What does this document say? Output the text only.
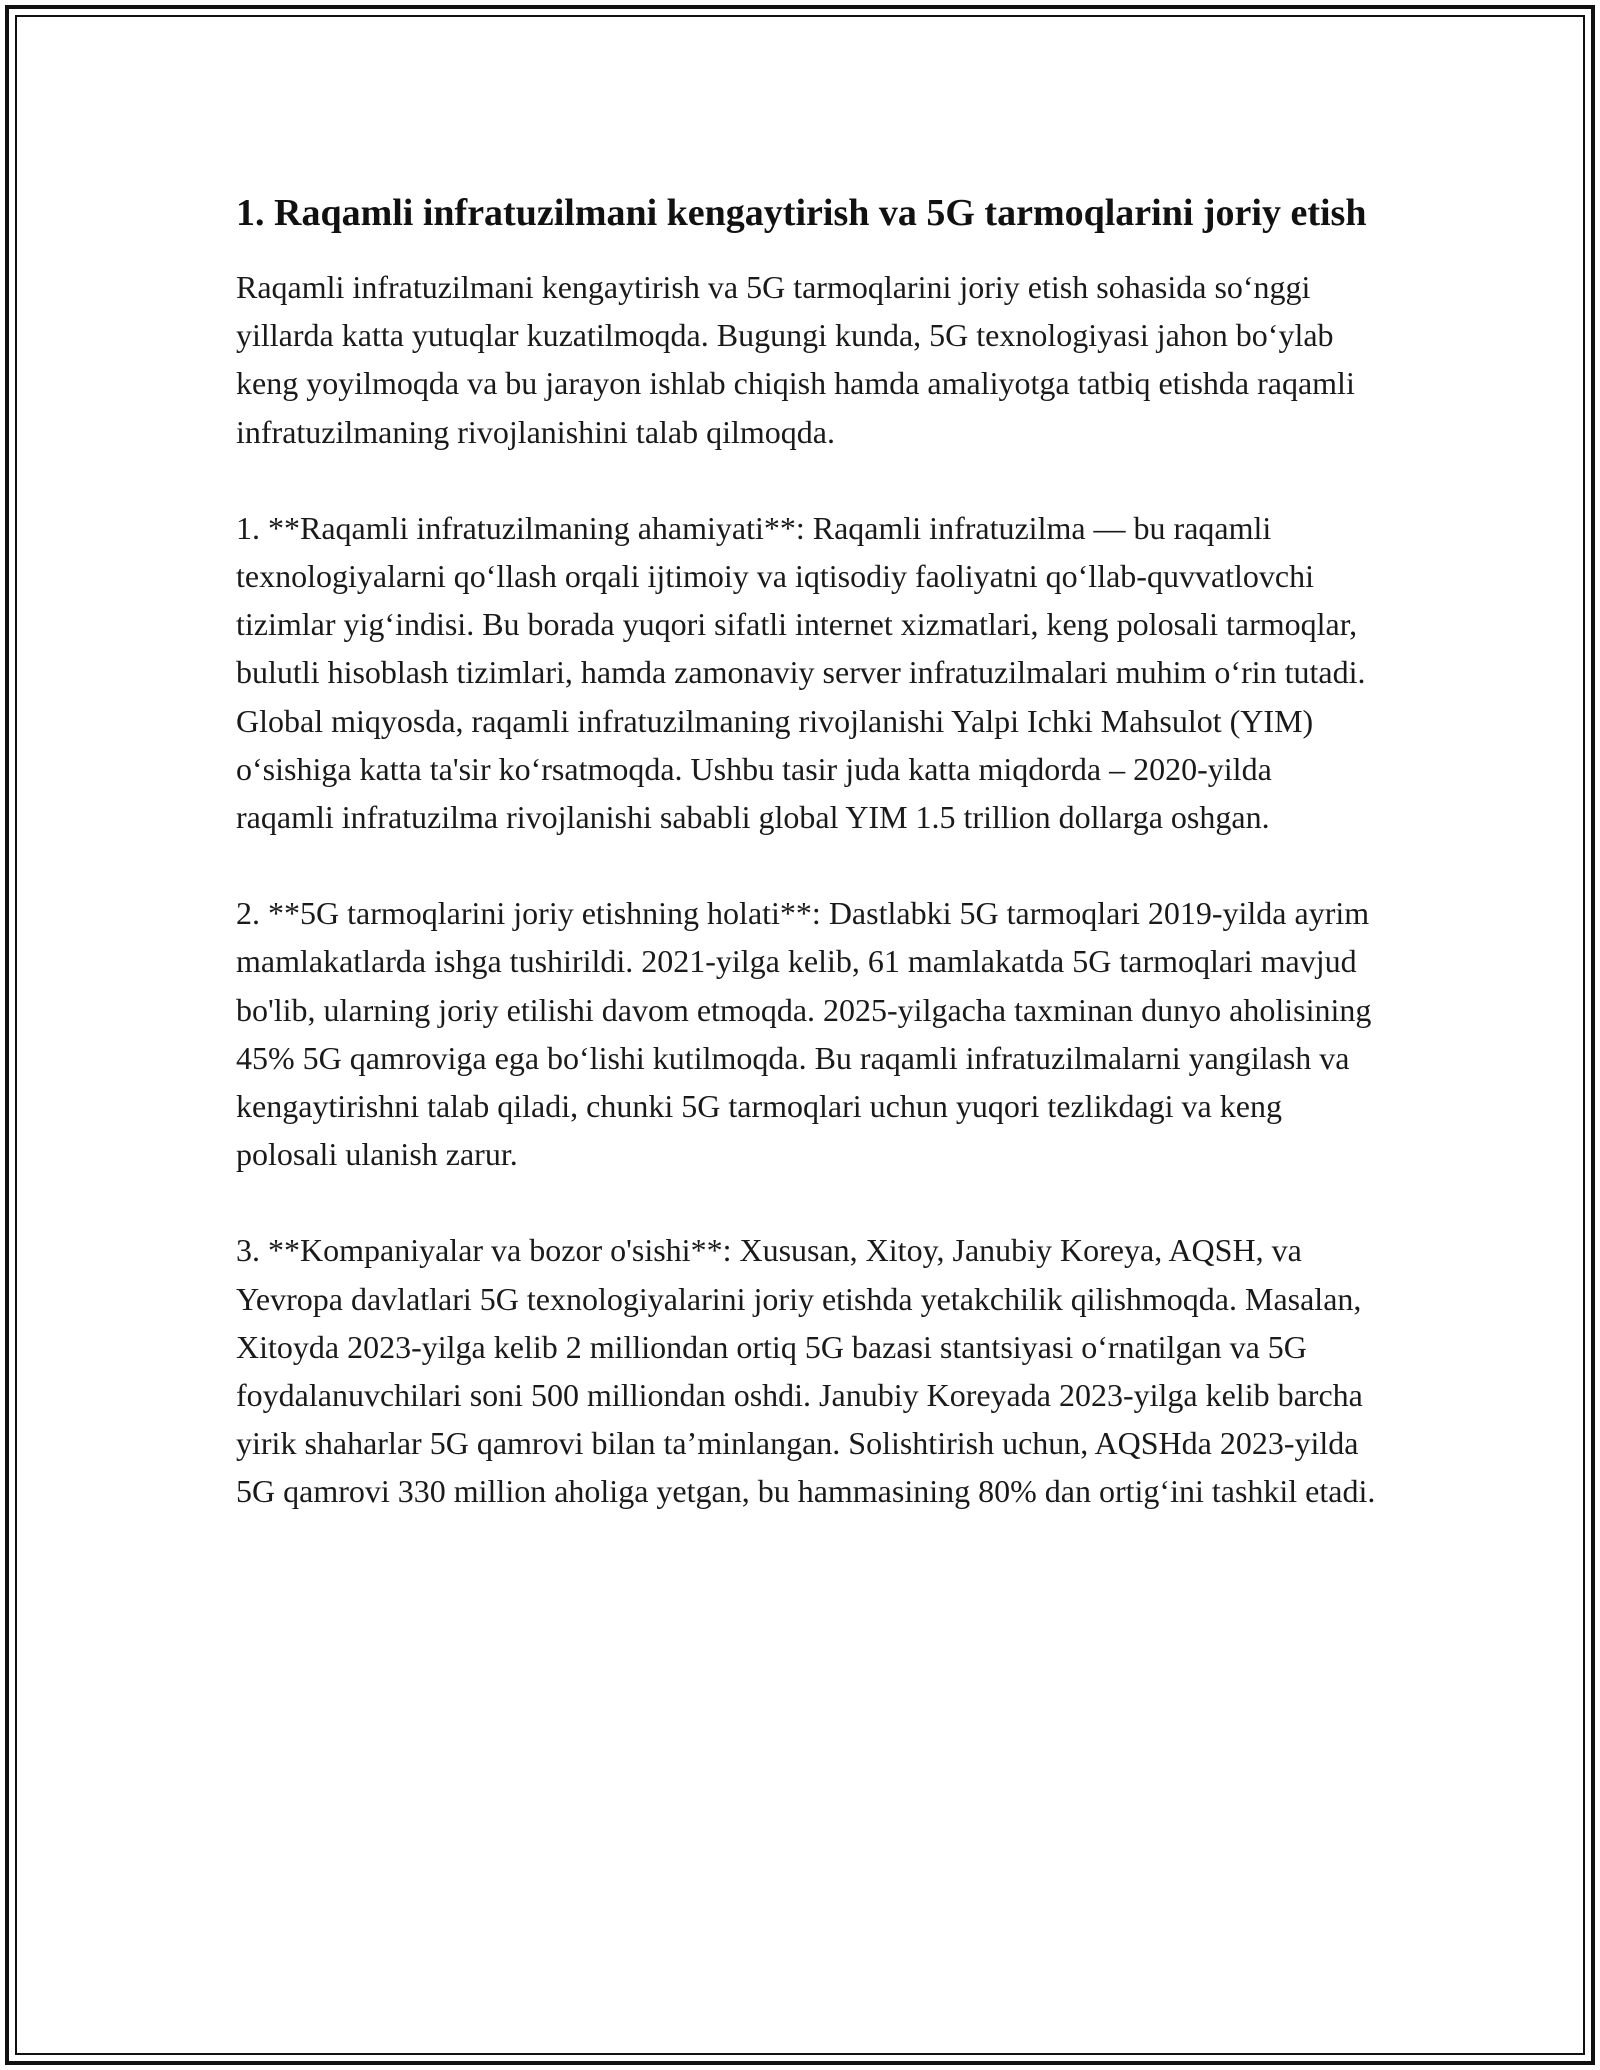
1. Raqamli infratuzilmani kengaytirish va 5G tarmoqlarini joriy etish

Raqamli infratuzilmani kengaytirish va 5G tarmoqlarini joriy etish sohasida so‘nggi yillarda katta yutuqlar kuzatilmoqda. Bugungi kunda, 5G texnologiyasi jahon bo‘ylab keng yoyilmoqda va bu jarayon ishlab chiqish hamda amaliyotga tatbiq etishda raqamli infratuzilmaning rivojlanishini talab qilmoqda.

1. **Raqamli infratuzilmaning ahamiyati**: Raqamli infratuzilma — bu raqamli texnologiyalarni qo‘llash orqali ijtimoiy va iqtisodiy faoliyatni qo‘llab-quvvatlovchi tizimlar yig‘indisi. Bu borada yuqori sifatli internet xizmatlari, keng polosali tarmoqlar, bulutli hisoblash tizimlari, hamda zamonaviy server infratuzilmalari muhim o‘rin tutadi. Global miqyosda, raqamli infratuzilmaning rivojlanishi Yalpi Ichki Mahsulot (YIM) o‘sishiga katta ta'sir ko‘rsatmoqda. Ushbu tasir juda katta miqdorda – 2020-yilda raqamli infratuzilma rivojlanishi sababli global YIM 1.5 trillion dollarga oshgan.

2. **5G tarmoqlarini joriy etishning holati**: Dastlabki 5G tarmoqlari 2019-yilda ayrim mamlakatlarda ishga tushirildi. 2021-yilga kelib, 61 mamlakatda 5G tarmoqlari mavjud bo'lib, ularning joriy etilishi davom etmoqda. 2025-yilgacha taxminan dunyo aholisining 45% 5G qamroviga ega bo‘lishi kutilmoqda. Bu raqamli infratuzilmalarni yangilash va kengaytirishni talab qiladi, chunki 5G tarmoqlari uchun yuqori tezlikdagi va keng polosali ulanish zarur.

3. **Kompaniyalar va bozor o'sishi**: Xususan, Xitoy, Janubiy Koreya, AQSH, va Yevropa davlatlari 5G texnologiyalarini joriy etishda yetakchilik qilishmoqda. Masalan, Xitoyda 2023-yilga kelib 2 milliondan ortiq 5G bazasi stantsiyasi o‘rnatilgan va 5G foydalanuvchilari soni 500 milliondan oshdi. Janubiy Koreyada 2023-yilga kelib barcha yirik shaharlar 5G qamrovi bilan ta’minlangan. Solishtirish uchun, AQSHda 2023-yilda 5G qamrovi 330 million aholiga yetgan, bu hammasining 80% dan ortig‘ini tashkil etadi.
